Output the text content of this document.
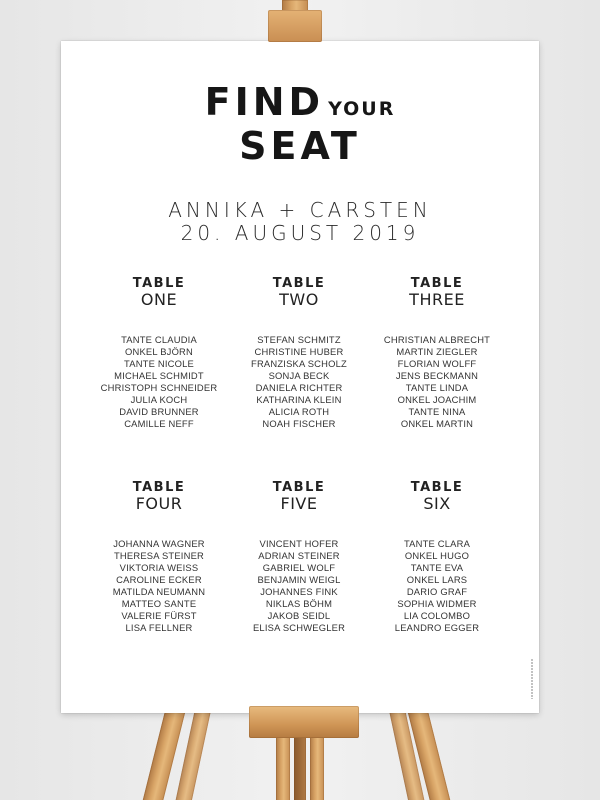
FIND YOUR
SEAT
ANNIKA + CARSTEN
20. AUGUST 2019
TABLE
ONE
TANTE CLAUDIA
ONKEL BJÖRN
TANTE NICOLE
MICHAEL SCHMIDT
CHRISTOPH SCHNEIDER
JULIA KOCH
DAVID BRUNNER
CAMILLE NEFF
TABLE
TWO
STEFAN SCHMITZ
CHRISTINE HUBER
FRANZISKA SCHOLZ
SONJA BECK
DANIELA RICHTER
KATHARINA KLEIN
ALICIA ROTH
NOAH FISCHER
TABLE
THREE
CHRISTIAN ALBRECHT
MARTIN ZIEGLER
FLORIAN WOLFF
JENS BECKMANN
TANTE LINDA
ONKEL JOACHIM
TANTE NINA
ONKEL MARTIN
TABLE
FOUR
JOHANNA WAGNER
THERESA STEINER
VIKTORIA WEISS
CAROLINE ECKER
MATILDA NEUMANN
MATTEO SANTE
VALERIE FÜRST
LISA FELLNER
TABLE
FIVE
VINCENT HOFER
ADRIAN STEINER
GABRIEL WOLF
BENJAMIN WEIGL
JOHANNES FINK
NIKLAS BÖHM
JAKOB SEIDL
ELISA SCHWEGLER
TABLE
SIX
TANTE CLARA
ONKEL HUGO
TANTE EVA
ONKEL LARS
DARIO GRAF
SOPHIA WIDMER
LIA COLOMBO
LEANDRO EGGER
